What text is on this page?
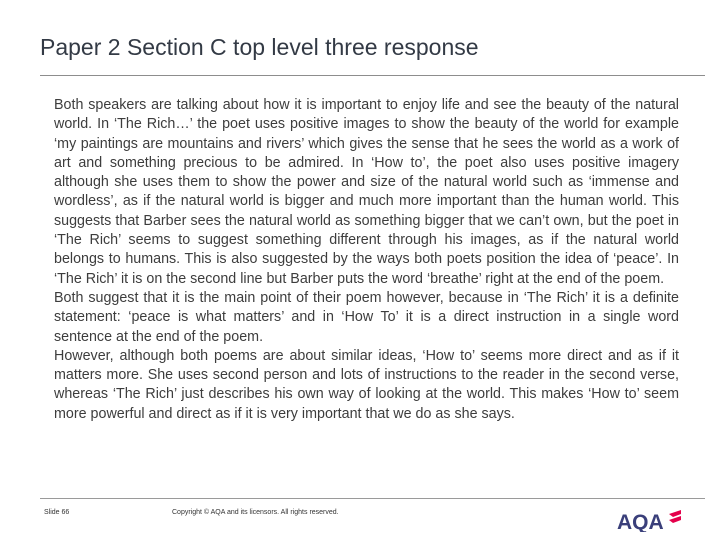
Paper 2 Section C top level three response

Both speakers are talking about how it is important to enjoy life and see the beauty of the natural world. In ‘The Rich…’ the poet uses positive images to show the beauty of the world for example ‘my paintings are mountains and rivers’ which gives the sense that he sees the world as a work of art and something precious to be admired. In ‘How to’, the poet also uses positive imagery although she uses them to show the power and size of the natural world such as ‘immense and wordless’, as if the natural world is bigger and much more important than the human world. This suggests that Barber sees the natural world as something bigger that we can’t own, but the poet in ‘The Rich’ seems to suggest something different through his images, as if the natural world belongs to humans. This is also suggested by the ways both poets position the idea of ‘peace’. In ‘The Rich’ it is on the second line but Barber puts the word ‘breathe’ right at the end of the poem.

Both suggest that it is the main point of their poem however, because in ‘The Rich’ it is a definite statement: ‘peace is what matters’ and in ‘How To’ it is a direct instruction in a single word sentence at the end of the poem.

However, although both poems are about similar ideas, ‘How to’ seems more direct and as if it matters more. She uses second person and lots of instructions to the reader in the second verse, whereas ‘The Rich’ just describes his own way of looking at the world. This makes ‘How to’ seem more powerful and direct as if it is very important that we do as she says.

Slide 66	Copyright © AQA and its licensors. All rights reserved.	AQA
